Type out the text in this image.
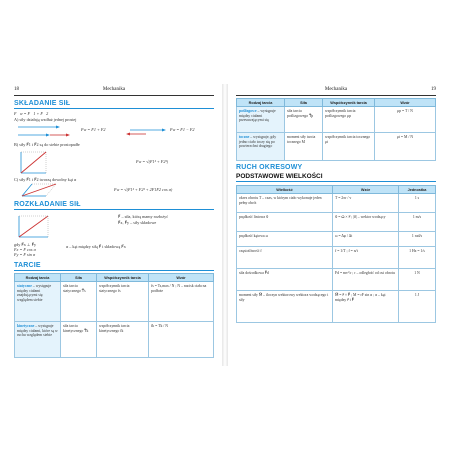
18	Mechanika
SKŁADANIE SIŁ
F⃗w = F⃗1 + F⃗2
A) siły działają wzdłuż jednej prostej
Fw = F1 + F2	Fw = F1 − F2
B) siły F⃗1 i F⃗2 są do siebie prostopadłe
Fw = √(F1² + F2²)
C) siły F⃗1 i F⃗2 tworzą dowolny kąt α
Fw = √(F1² + F2² + 2F1F2 cos α)
ROZKŁADANIE SIŁ
F⃗ – siła, którą mamy rozłożyć
F⃗x, F⃗y – siły składowe
gdy F⃗x ⊥ F⃗y
Fx = F cos α
Fy = F sin α
α – kąt między siłą F⃗ i składową F⃗x
TARCIE
Rodzaj tarcia	Siła	Współczynnik tarcia	Wzór
statyczne – występuje między ciałami znajdującymi się względem siebie	siła tarcia statycznego T⃗s	współczynnik tarcia statycznego fs	fs = Ts,max / N ; N – nacisk ciała na podłoże
kinetyczne – występuje między ciałami, które są w ruchu względem siebie	siła tarcia kinetycznego T⃗k	współczynnik tarcia kinetycznego fk	fk = Tk / N
Mechanika	19
Rodzaj tarcia	Siła	Współczynnik tarcia	Wzór
poślizgowe – występuje między ciałami przesuwającymi się	siła tarcia poślizgowego T⃗p	współczynnik tarcia poślizgowego μp	μp = T / N
toczne – występuje, gdy jedno ciało toczy się po powierzchni drugiego	moment siły tarcia tocznego M	współczynnik tarcia tocznego μt	μt = M / N
RUCH OKRESOWY
PODSTAWOWE WIELKOŚCI
Wielkość	Wzór	Jednostka
okres obrotu T – czas, w którym ciało wykonuje jeden pełny obrót	T = 2πr / v	1 s
prędkość liniowa v⃗	v⃗ = ω⃗ × r⃗ ; |v⃗| – wektor wodzący	1 m/s
prędkość kątowa ω	ω = Δφ / Δt	1 rad/s
częstotliwość f	f = 1/T ; f = n/t	1 Hz = 1/s
siła dośrodkowa F⃗d	Fd = mv²/r ; r – odległość od osi obrotu	1 N
moment siły M⃗ – iloczyn wektorowy wektora wodzącego i siły	M⃗ = r⃗ × F⃗ ; M = rF sin α ; α – kąt między r⃗ i F⃗	1 J
